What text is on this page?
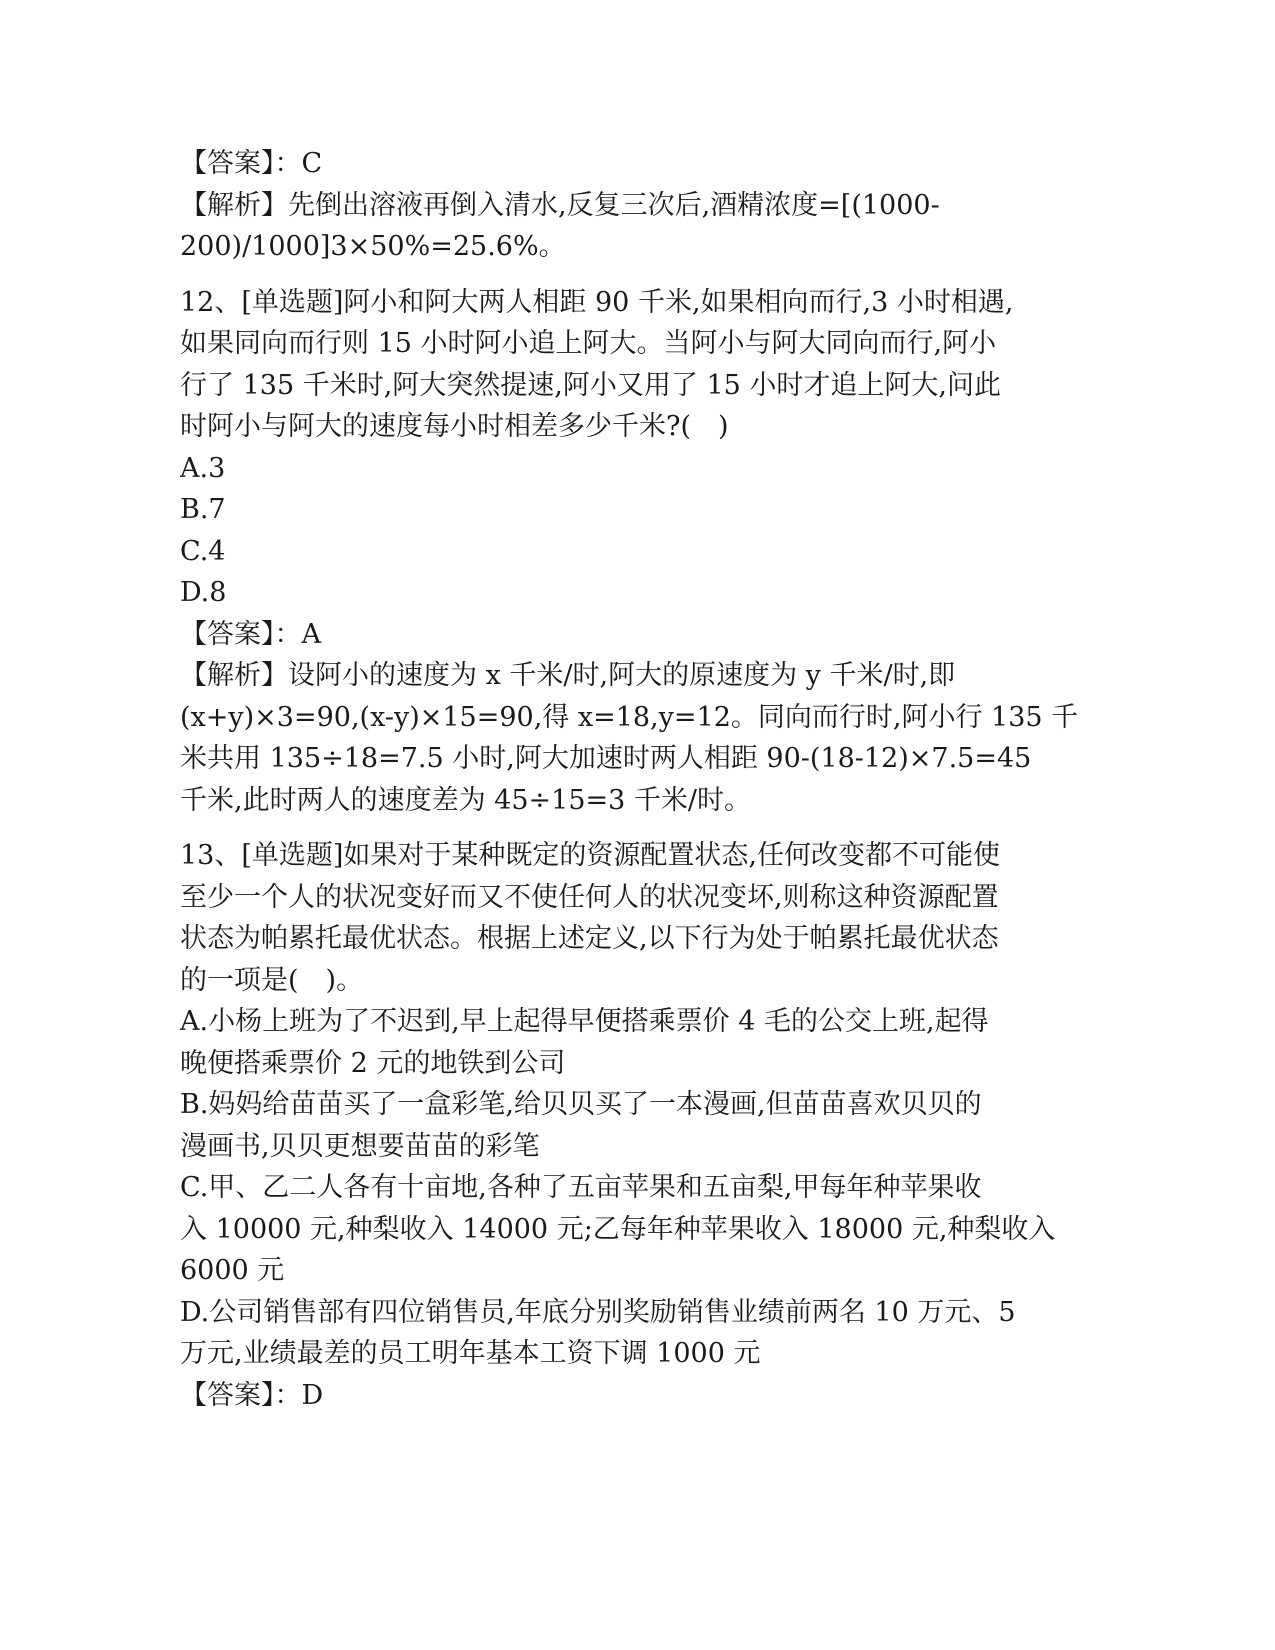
【答案】：C
【解析】先倒出溶液再倒入清水,反复三次后,酒精浓度=[(1000-
200)/1000]3×50%=25.6%。
12、[单选题]阿小和阿大两人相距 90 千米,如果相向而行,3 小时相遇,
如果同向而行则 15 小时阿小追上阿大。当阿小与阿大同向而行,阿小
行了 135 千米时,阿大突然提速,阿小又用了 15 小时才追上阿大,问此
时阿小与阿大的速度每小时相差多少千米?(　)
A.3
B.7
C.4
D.8
【答案】：A
【解析】设阿小的速度为 x 千米/时,阿大的原速度为 y 千米/时,即
(x+y)×3=90,(x-y)×15=90,得 x=18,y=12。同向而行时,阿小行 135 千
米共用 135÷18=7.5 小时,阿大加速时两人相距 90-(18-12)×7.5=45
千米,此时两人的速度差为 45÷15=3 千米/时。
13、[单选题]如果对于某种既定的资源配置状态,任何改变都不可能使
至少一个人的状况变好而又不使任何人的状况变坏,则称这种资源配置
状态为帕累托最优状态。根据上述定义,以下行为处于帕累托最优状态
的一项是(　)。
A.小杨上班为了不迟到,早上起得早便搭乘票价 4 毛的公交上班,起得
晚便搭乘票价 2 元的地铁到公司
B.妈妈给苗苗买了一盒彩笔,给贝贝买了一本漫画,但苗苗喜欢贝贝的
漫画书,贝贝更想要苗苗的彩笔
C.甲、乙二人各有十亩地,各种了五亩苹果和五亩梨,甲每年种苹果收
入 10000 元,种梨收入 14000 元;乙每年种苹果收入 18000 元,种梨收入
6000 元
D.公司销售部有四位销售员,年底分别奖励销售业绩前两名 10 万元、5
万元,业绩最差的员工明年基本工资下调 1000 元
【答案】：D
